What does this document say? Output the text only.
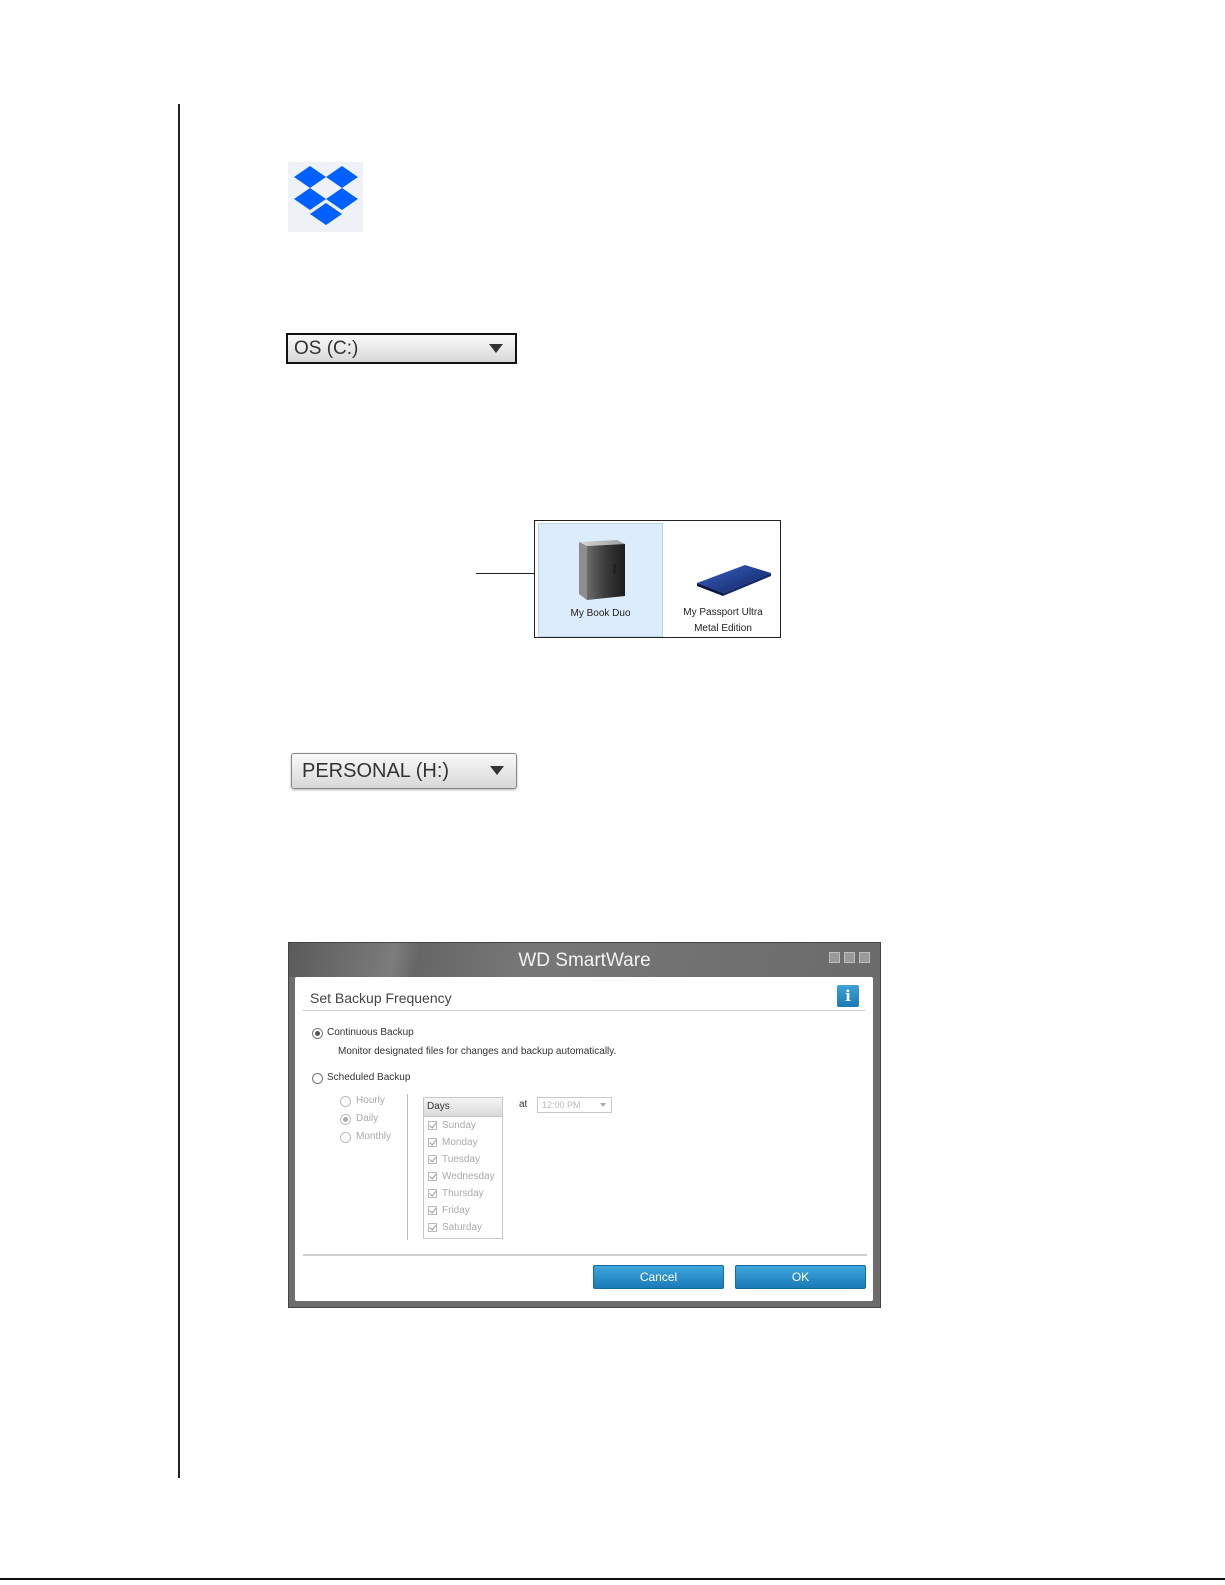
OS (C:)
My Book Duo	My Passport Ultra
Metal Edition
PERSONAL (H:)
WD SmartWare
Set Backup Frequency	i
Continuous Backup
Monitor designated files for changes and backup automatically.
Scheduled Backup
Hourly
Daily
Monthly
Days
Sunday
Monday
Tuesday
Wednesday
Thursday
Friday
Saturday
at	12:00 PM
Cancel	OK
